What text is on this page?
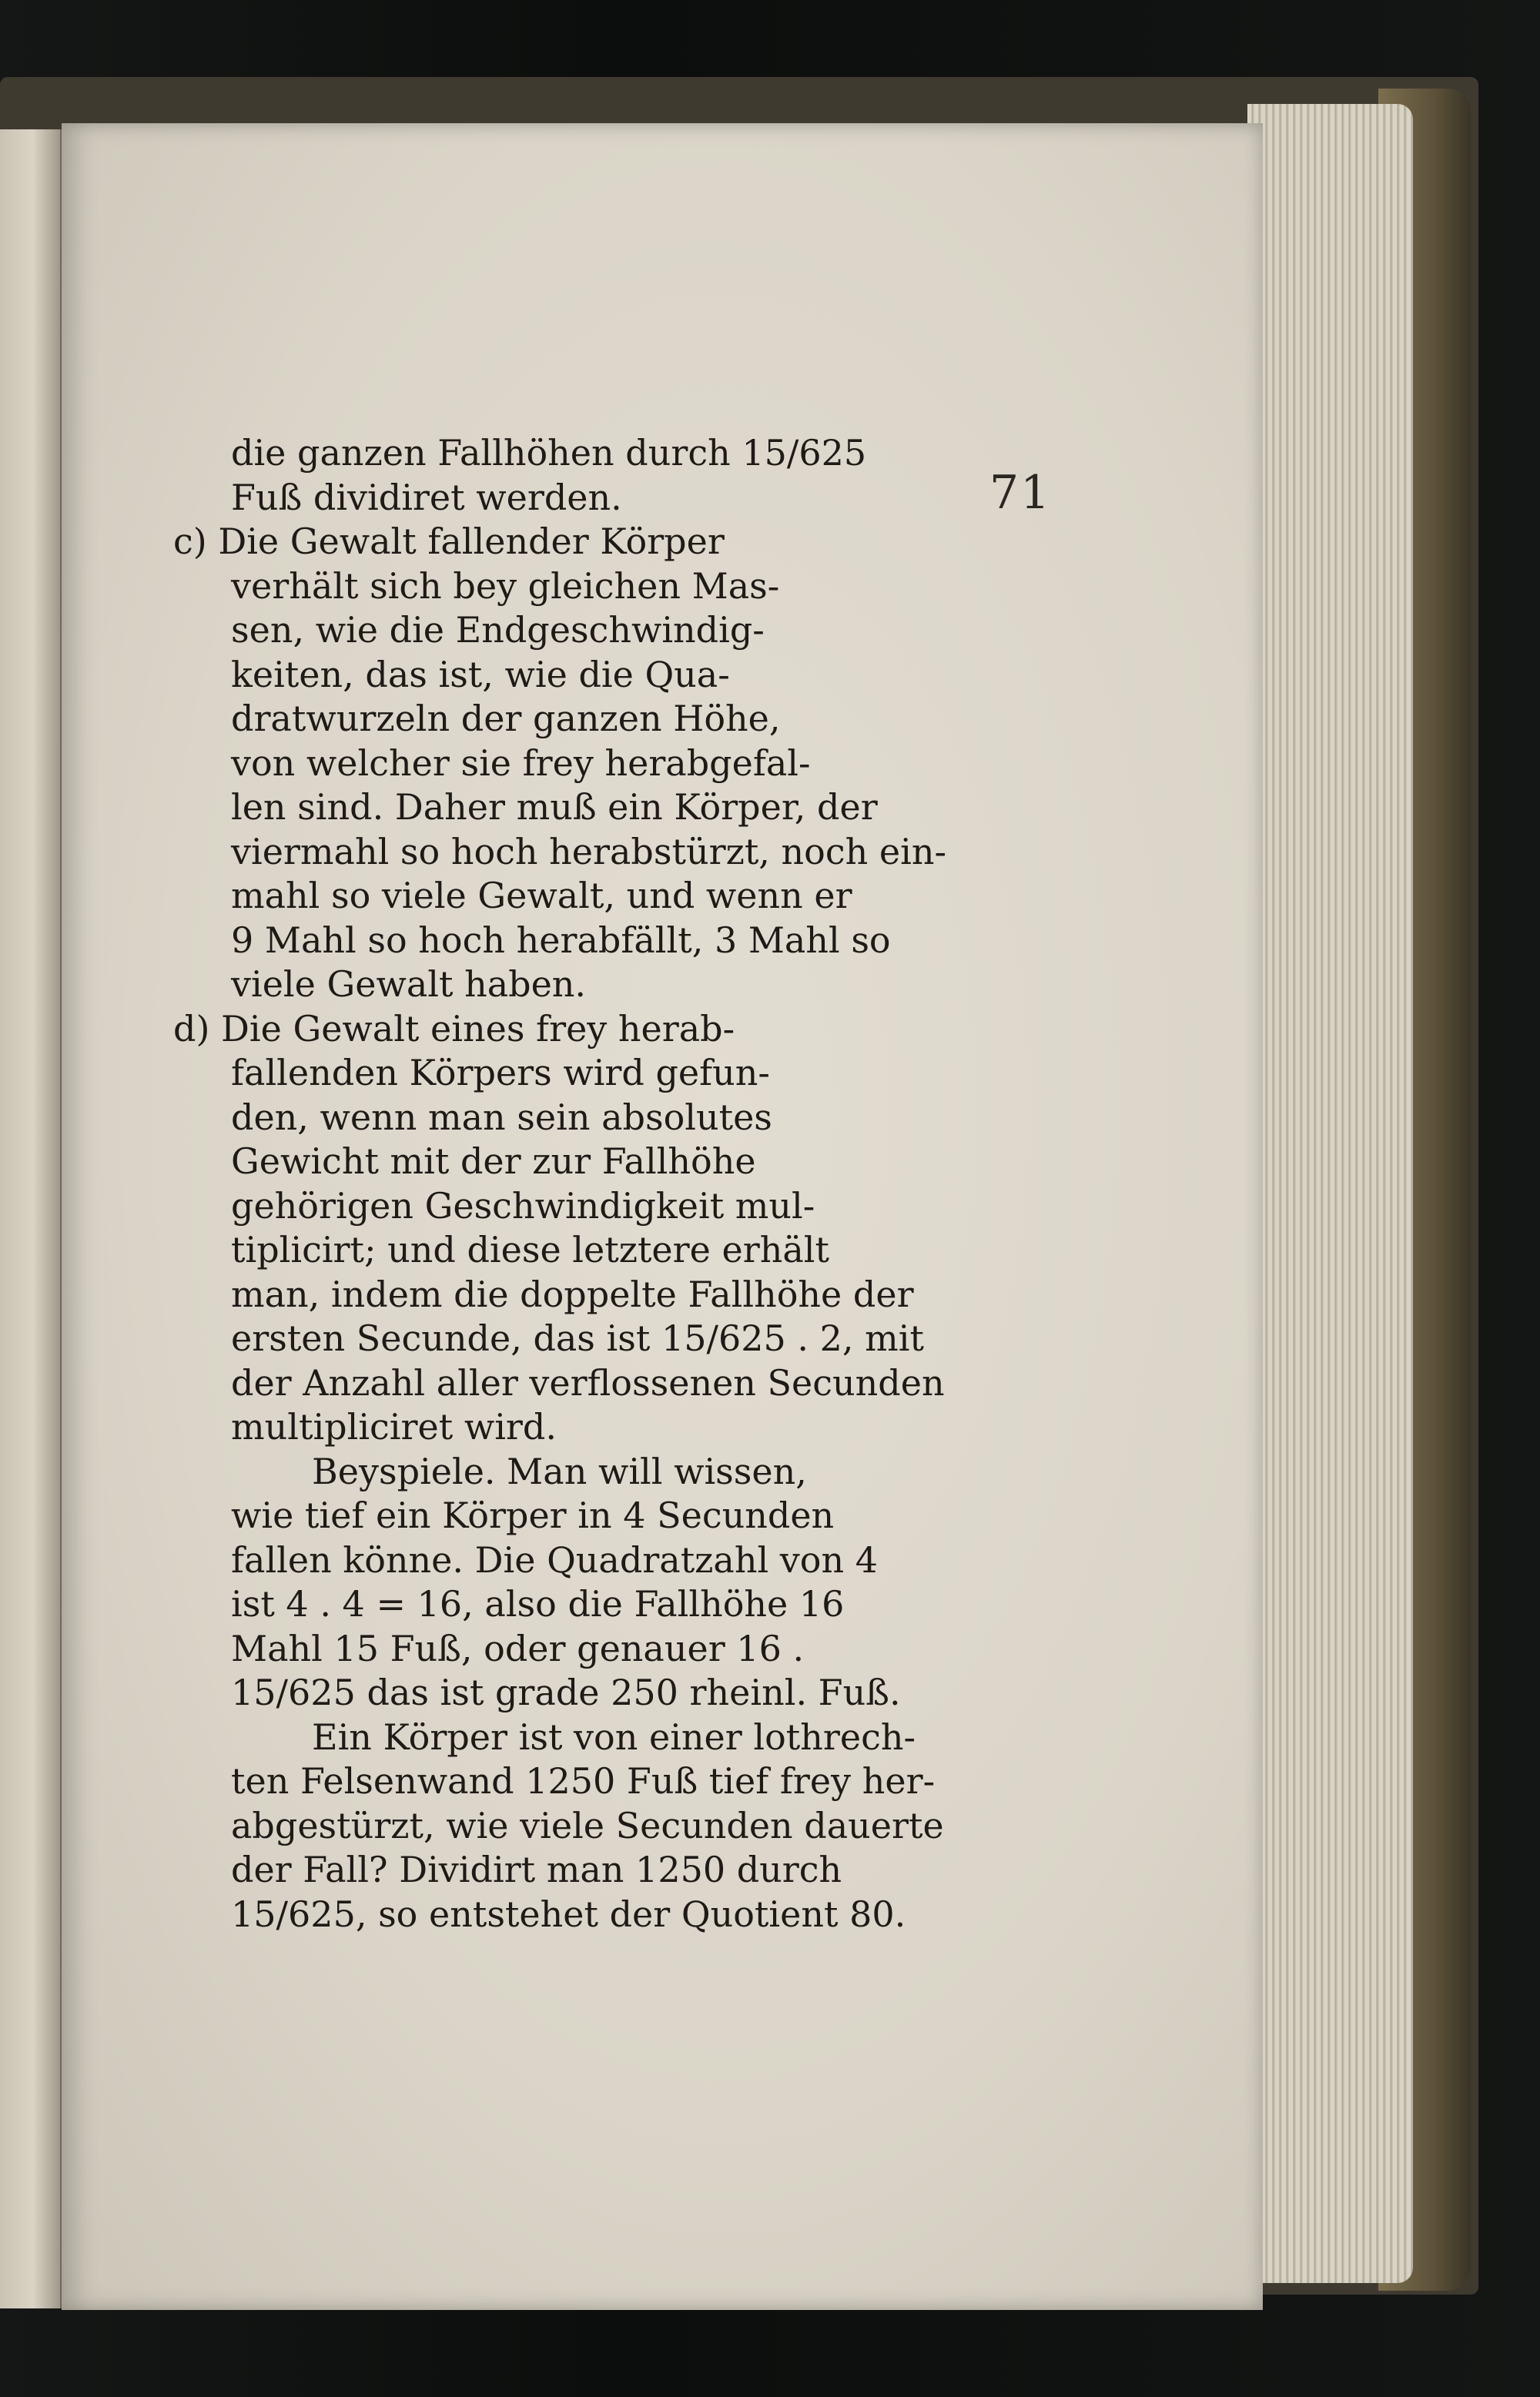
71
die ganzen Fallhöhen durch 15/625
Fuß dividiret werden.
c) Die Gewalt fallender Körper
verhält sich bey gleichen Mas-
sen, wie die Endgeschwindig-
keiten, das ist, wie die Qua-
dratwurzeln der ganzen Höhe,
von welcher sie frey herabgefal-
len sind. Daher muß ein Körper, der
viermahl so hoch herabstürzt, noch ein-
mahl so viele Gewalt, und wenn er
9 Mahl so hoch herabfällt, 3 Mahl so
viele Gewalt haben.
d) Die Gewalt eines frey herab-
fallenden Körpers wird gefun-
den, wenn man sein absolutes
Gewicht mit der zur Fallhöhe
gehörigen Geschwindigkeit mul-
tiplicirt; und diese letztere erhält
man, indem die doppelte Fallhöhe der
ersten Secunde, das ist 15/625 . 2, mit
der Anzahl aller verflossenen Secunden
multipliciret wird.
Beyspiele. Man will wissen,
wie tief ein Körper in 4 Secunden
fallen könne. Die Quadratzahl von 4
ist 4 . 4 = 16, also die Fallhöhe 16
Mahl 15 Fuß, oder genauer 16 .
15/625 das ist grade 250 rheinl. Fuß.
Ein Körper ist von einer lothrech-
ten Felsenwand 1250 Fuß tief frey her-
abgestürzt, wie viele Secunden dauerte
der Fall? Dividirt man 1250 durch
15/625, so entstehet der Quotient 80.
